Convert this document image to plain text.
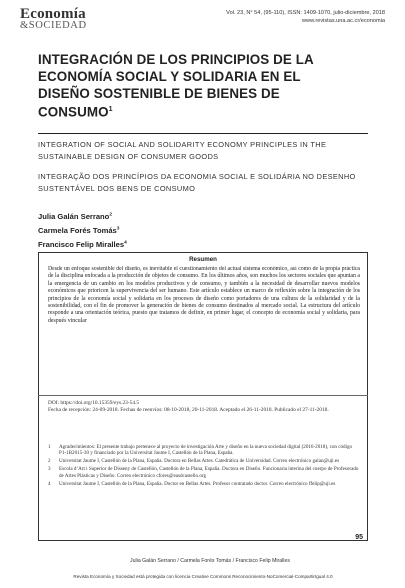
Economía
&SOCIEDAD
Vol. 23, N° 54, (95-110), ISSN: 1409-1070, julio-diciembre, 2018
www.revistas.una.ac.cr/economia
INTEGRACIÓN DE LOS PRINCIPIOS DE LA ECONOMÍA SOCIAL Y SOLIDARIA EN EL DISEÑO SOSTENIBLE DE BIENES DE CONSUMO$^1$
INTEGRATION OF SOCIAL AND SOLIDARITY ECONOMY PRINCIPLES IN THE SUSTAINABLE DESIGN OF CONSUMER GOODS
INTEGRAÇÃO DOS PRINCÍPIOS DA ECONOMIA SOCIAL E SOLIDÁRIA NO DESENHO SUSTENTÁVEL DOS BENS DE CONSUMO
Julia Galán Serrano$^2$
Carmela Forés Tomás$^3$
Francisco Felip Miralles$^4$
Resumen
Desde un enfoque sostenible del diseño, es inevitable el cuestionamiento del actual sistema económico, así como de la propia práctica de la disciplina enfocada a la producción de objetos de consumo. En los últimos años, son muchos los sectores sociales que apuntan a la emergencia de un cambio en los modelos productivos y de consumo, y también a la necesidad de desarrollar nuevos modelos económicos que prioricen la supervivencia del ser humano. Este artículo establece un marco de reflexión sobre la integración de los principios de la economía social y solidaria en los procesos de diseño como portadores de una cultura de la solidaridad y de la sostenibilidad, con el fin de promover la generación de bienes de consumo destinados al mercado social. La estructura del artículo responde a una orientación teórica, puesto que tratamos de definir, en primer lugar, el concepto de economía social y solidaria, para después vincular
DOI: https://doi.org/10.15359/eys.23-54.5
Fecha de recepción: 24-09-2018. Fechas de reenvíos: 08-10-2018, 20-11-2018. Aceptado el 26-11-2018. Publicado el 27-11-2018.
1 Agradecimientos: El presente trabajo pertenece al proyecto de investigación Arte y diseño en la nueva sociedad digital (2016-2018), con código P1-1B2015-30 y financiado por la Universitat Jaume I, Castellón de la Plana, España.
2 Universitat Jaume I, Castellón de la Plana, España. Doctora en Bellas Artes. Catedrática de Universidad. Correo electrónico galan@uji.es
3 Escola d’Art i Superior de Disseny de Castellón, Castellón de la Plana, España. Doctora en Diseño. Funcionaria interina del cuerpo de Profesorado de Artes Plásticas y Diseño. Correo electrónico cfores@easdcastello.org
4 Universitat Jaume I, Castellón de la Plana, España. Doctor en Bellas Artes. Profesor contratado doctor. Correo electrónico ffelip@uji.es
95
Julia Galán Serrano / Carmela Forés Tomás / Francisco Felip Miralles
Revista Economía y Sociedad está protegida con licencia Creative Commons Reconocimiento-NoComercial-CompartirIgual 4.0
